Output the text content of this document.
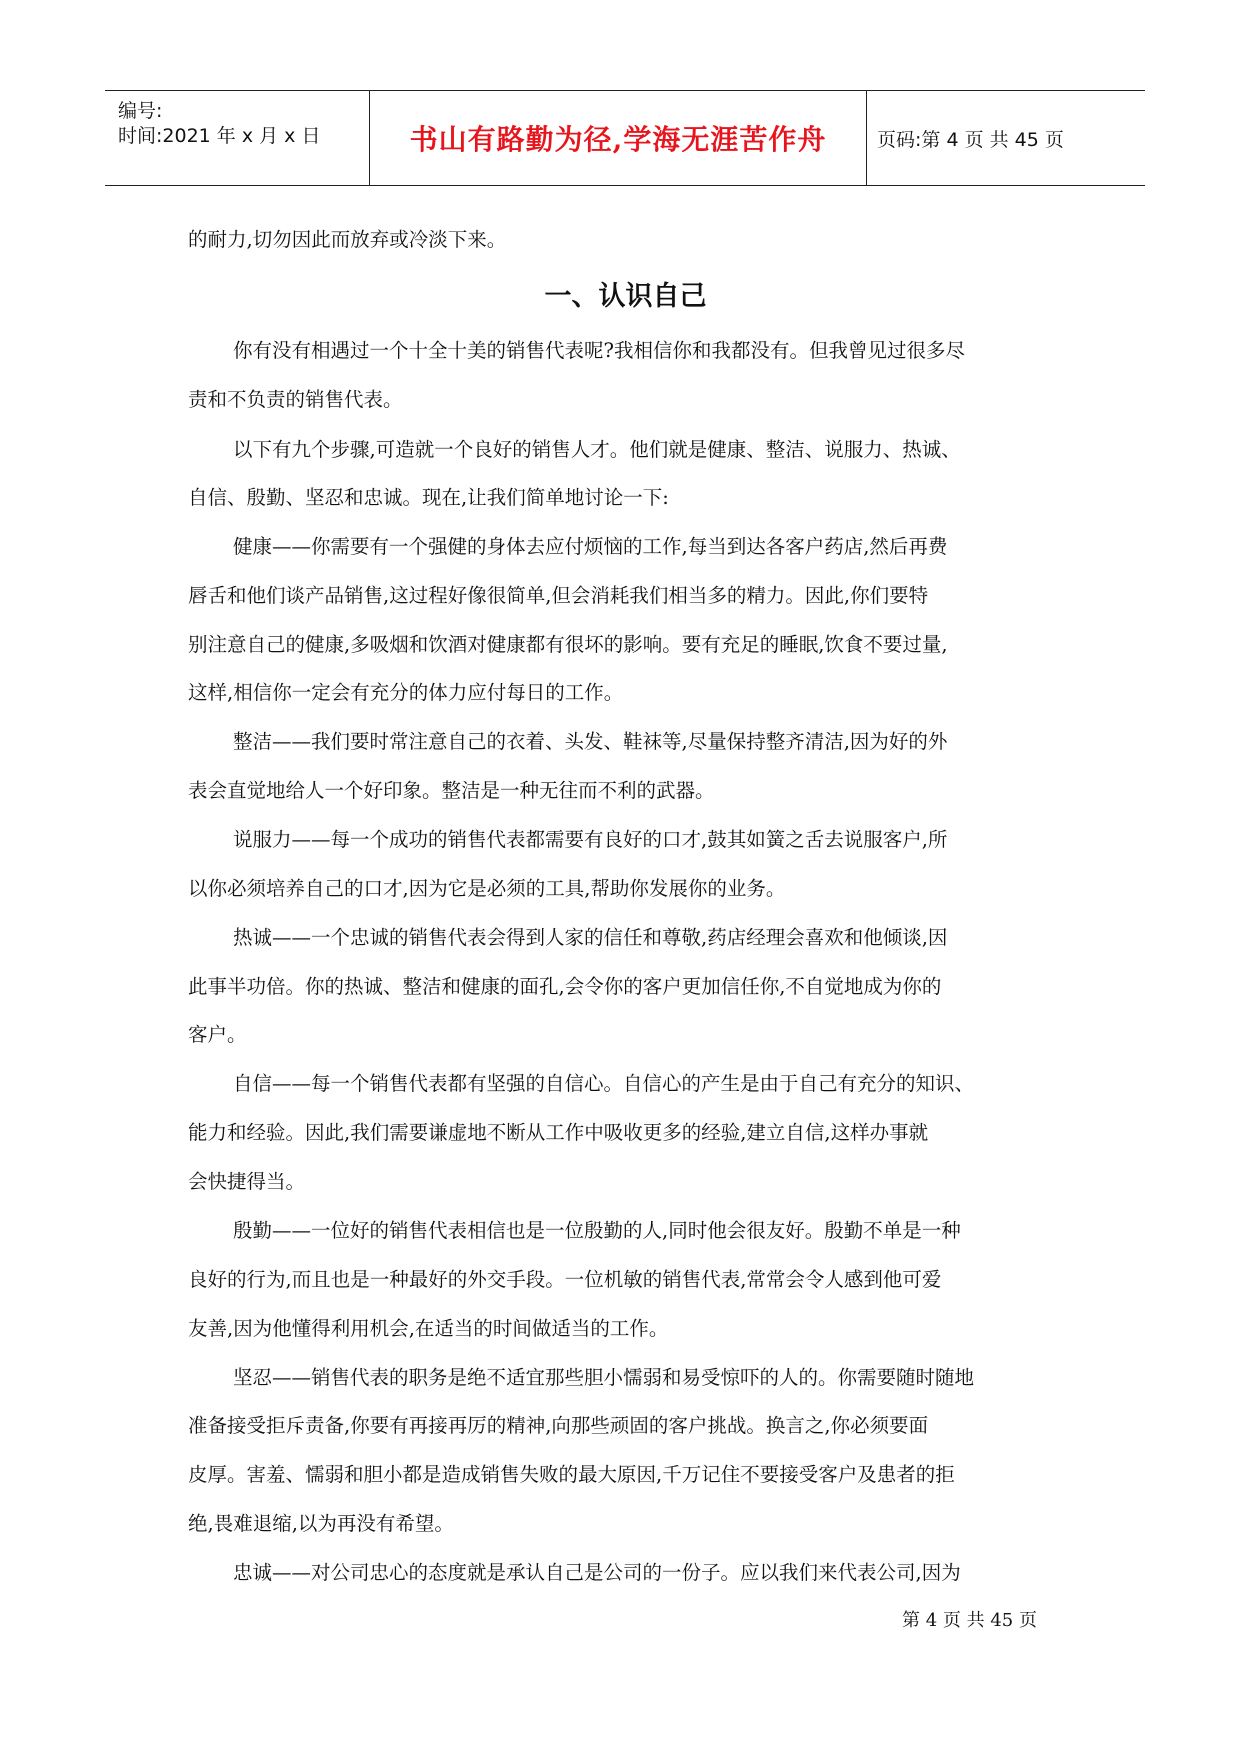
编号:
时间:2021 年 x 月 x 日	书山有路勤为径,学海无涯苦作舟	页码:第 4 页 共 45 页
的耐力,切勿因此而放弃或冷淡下来。
一、认识自己
你有没有相遇过一个十全十美的销售代表呢?我相信你和我都没有。但我曾见过很多尽
责和不负责的销售代表。
以下有九个步骤,可造就一个良好的销售人才。他们就是健康、整洁、说服力、热诚、
自信、殷勤、坚忍和忠诚。现在,让我们简单地讨论一下:
健康——你需要有一个强健的身体去应付烦恼的工作,每当到达各客户药店,然后再费
唇舌和他们谈产品销售,这过程好像很简单,但会消耗我们相当多的精力。因此,你们要特
别注意自己的健康,多吸烟和饮酒对健康都有很坏的影响。要有充足的睡眠,饮食不要过量,
这样,相信你一定会有充分的体力应付每日的工作。
整洁——我们要时常注意自己的衣着、头发、鞋袜等,尽量保持整齐清洁,因为好的外
表会直觉地给人一个好印象。整洁是一种无往而不利的武器。
说服力——每一个成功的销售代表都需要有良好的口才,鼓其如簧之舌去说服客户,所
以你必须培养自己的口才,因为它是必须的工具,帮助你发展你的业务。
热诚——一个忠诚的销售代表会得到人家的信任和尊敬,药店经理会喜欢和他倾谈,因
此事半功倍。你的热诚、整洁和健康的面孔,会令你的客户更加信任你,不自觉地成为你的
客户。
自信——每一个销售代表都有坚强的自信心。自信心的产生是由于自己有充分的知识、
能力和经验。因此,我们需要谦虚地不断从工作中吸收更多的经验,建立自信,这样办事就
会快捷得当。
殷勤——一位好的销售代表相信也是一位殷勤的人,同时他会很友好。殷勤不单是一种
良好的行为,而且也是一种最好的外交手段。一位机敏的销售代表,常常会令人感到他可爱
友善,因为他懂得利用机会,在适当的时间做适当的工作。
坚忍——销售代表的职务是绝不适宜那些胆小懦弱和易受惊吓的人的。你需要随时随地
准备接受拒斥责备,你要有再接再厉的精神,向那些顽固的客户挑战。换言之,你必须要面
皮厚。害羞、懦弱和胆小都是造成销售失败的最大原因,千万记住不要接受客户及患者的拒
绝,畏难退缩,以为再没有希望。
忠诚——对公司忠心的态度就是承认自己是公司的一份子。应以我们来代表公司,因为
第 4 页 共 45 页
